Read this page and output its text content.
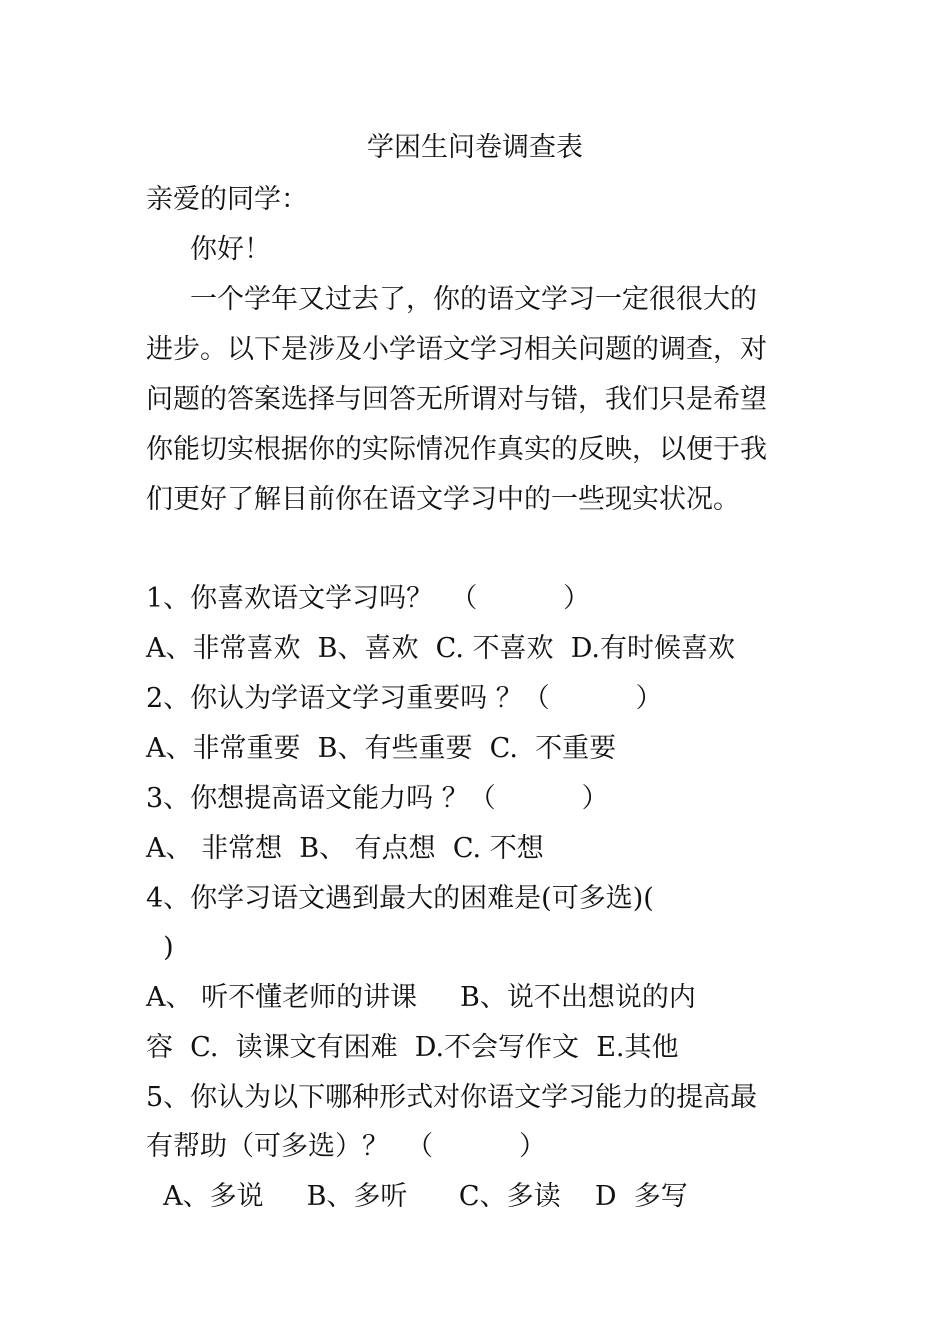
学困生问卷调查表
亲爱的同学：
你好！
一个学年又过去了，你的语文学习一定很很大的
进步。以下是涉及小学语文学习相关问题的调查，对
问题的答案选择与回答无所谓对与错，我们只是希望
你能切实根据你的实际情况作真实的反映，以便于我
们更好了解目前你在语文学习中的一些现实状况。
1、你喜欢语文学习吗？  （          ）
A、非常喜欢  B、喜欢  C. 不喜欢  D.有时候喜欢
2、你认为学语文学习重要吗 ？（          ）
A、非常重要  B、有些重要  C.  不重要
3、你想提高语文能力吗 ？（          ）
A、 非常想  B、 有点想  C. 不想
4、你学习语文遇到最大的困难是(可多选)(
)
A、 听不懂老师的讲课     B、说不出想说的内
容  C.  读课文有困难  D.不会写作文  E.其他
5、你认为以下哪种形式对你语文学习能力的提高最
有帮助（可多选）？  （          ）
A、多说     B、多听      C、多读    D  多写
